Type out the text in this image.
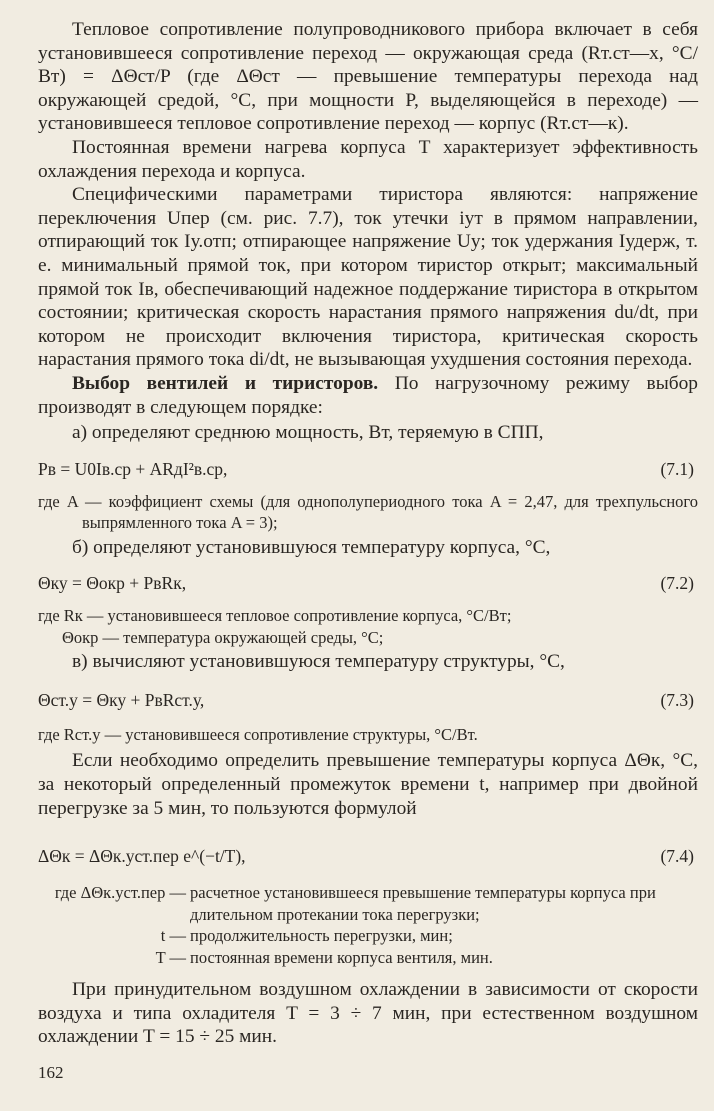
Тепловое сопротивление полупроводникового прибора включает в себя установившееся сопротивление переход — окружающая среда (Rт.ст—х, °С/Вт) = ΔΘст/P (где ΔΘст — превышение температуры перехода над окружающей средой, °С, при мощности P, выделяющейся в переходе) — установившееся тепловое сопротивление переход — корпус (Rт.ст—к).

Постоянная времени нагрева корпуса T характеризует эффективность охлаждения перехода и корпуса.

Специфическими параметрами тиристора являются: напряжение переключения Uпер (см. рис. 7.7), ток утечки iут в прямом направлении, отпирающий ток Iу.отп; отпирающее напряжение Uу; ток удержания Iудерж, т. е. минимальный прямой ток, при котором тиристор открыт; максимальный прямой ток Iв, обеспечивающий надежное поддержание тиристора в открытом состоянии; критическая скорость нарастания прямого напряжения du/dt, при котором не происходит включения тиристора, критическая скорость нарастания прямого тока di/dt, не вызывающая ухудшения состояния перехода.

Выбор вентилей и тиристоров. По нагрузочному режиму выбор производят в следующем порядке:

а) определяют среднюю мощность, Вт, теряемую в СПП,

Pв = U0Iв.ср + ARдI²в.ср,	(7.1)

где A — коэффициент схемы (для однополупериодного тока A = 2,47, для трехпульсного выпрямленного тока A = 3);

б) определяют установившуюся температуру корпуса, °С,

Θку = Θокр + PвRк,	(7.2)

где Rк — установившееся тепловое сопротивление корпуса, °С/Вт;

Θокр — температура окружающей среды, °С;

в) вычисляют установившуюся температуру структуры, °С,

Θст.у = Θку + PвRст.у,	(7.3)

где Rст.у — установившееся сопротивление структуры, °С/Вт.

Если необходимо определить превышение температуры корпуса ΔΘк, °С, за некоторый определенный промежуток времени t, например при двойной перегрузке за 5 мин, то пользуются формулой

ΔΘк = ΔΘк.уст.пер e^(−t/T),	(7.4)
где ΔΘк.уст.пер — расчетное установившееся превышение температуры корпуса при длительном протекании тока перегрузки;
t — продолжительность перегрузки, мин;
T — постоянная времени корпуса вентиля, мин.

При принудительном воздушном охлаждении в зависимости от скорости воздуха и типа охладителя T = 3 ÷ 7 мин, при естественном воздушном охлаждении T = 15 ÷ 25 мин.

162
